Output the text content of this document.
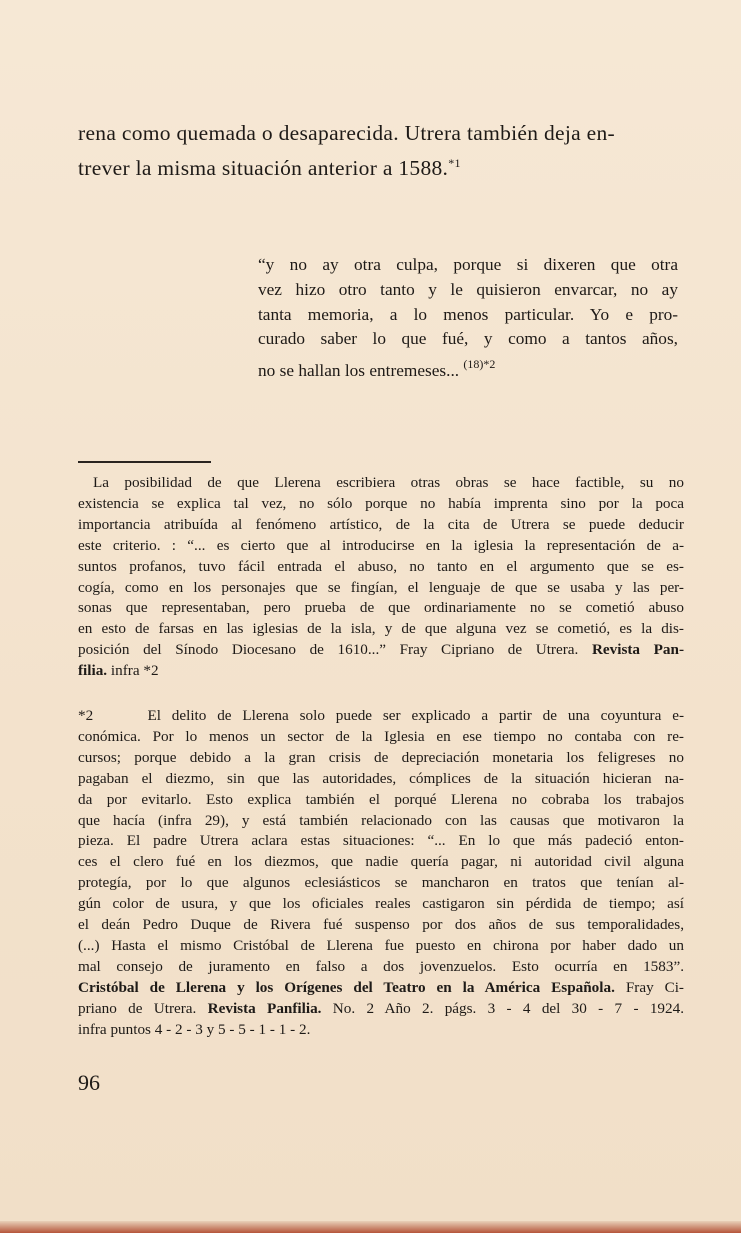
rena como quemada o desaparecida. Utrera también deja en-
trever la misma situación anterior a 1588.$^{*1}$
“y no ay otra culpa, porque si dixeren que otra
vez hizo otro tanto y le quisieron envarcar, no ay
tanta memoria, a lo menos particular. Yo e pro-
curado saber lo que fué, y como a tantos años,
no se hallan los entremeses... $^{(18)*2}$
La posibilidad de que Llerena escribiera otras obras se hace factible, su no
existencia se explica tal vez, no sólo porque no había imprenta sino por la poca
importancia atribuída al fenómeno artístico, de la cita de Utrera se puede deducir
este criterio. : “... es cierto que al introducirse en la iglesia la representación de a-
suntos profanos, tuvo fácil entrada el abuso, no tanto en el argumento que se es-
cogía, como en los personajes que se fingían, el lenguaje de que se usaba y las per-
sonas que representaban, pero prueba de que ordinariamente no se cometió abuso
en esto de farsas en las iglesias de la isla, y de que alguna vez se cometió, es la dis-
posición del Sínodo Diocesano de 1610...” Fray Cipriano de Utrera. Revista Pan-
filia. infra *2
*2	El delito de Llerena solo puede ser explicado a partir de una coyuntura e-
conómica. Por lo menos un sector de la Iglesia en ese tiempo no contaba con re-
cursos; porque debido a la gran crisis de depreciación monetaria los feligreses no
pagaban el diezmo, sin que las autoridades, cómplices de la situación hicieran na-
da por evitarlo. Esto explica también el porqué Llerena no cobraba los trabajos
que hacía (infra 29), y está también relacionado con las causas que motivaron la
pieza. El padre Utrera aclara estas situaciones: “... En lo que más padeció enton-
ces el clero fué en los diezmos, que nadie quería pagar, ni autoridad civil alguna
protegía, por lo que algunos eclesiásticos se mancharon en tratos que tenían al-
gún color de usura, y que los oficiales reales castigaron sin pérdida de tiempo; así
el deán Pedro Duque de Rivera fué suspenso por dos años de sus temporalidades,
(...) Hasta el mismo Cristóbal de Llerena fue puesto en chirona por haber dado un
mal consejo de juramento en falso a dos jovenzuelos. Esto ocurría en 1583”.
Cristóbal de Llerena y los Orígenes del Teatro en la América Española. Fray Ci-
priano de Utrera. Revista Panfilia. No. 2 Año 2. págs. 3 - 4 del 30 - 7 - 1924.
infra puntos 4 - 2 - 3 y 5 - 5 - 1 - 1 - 2.
96
